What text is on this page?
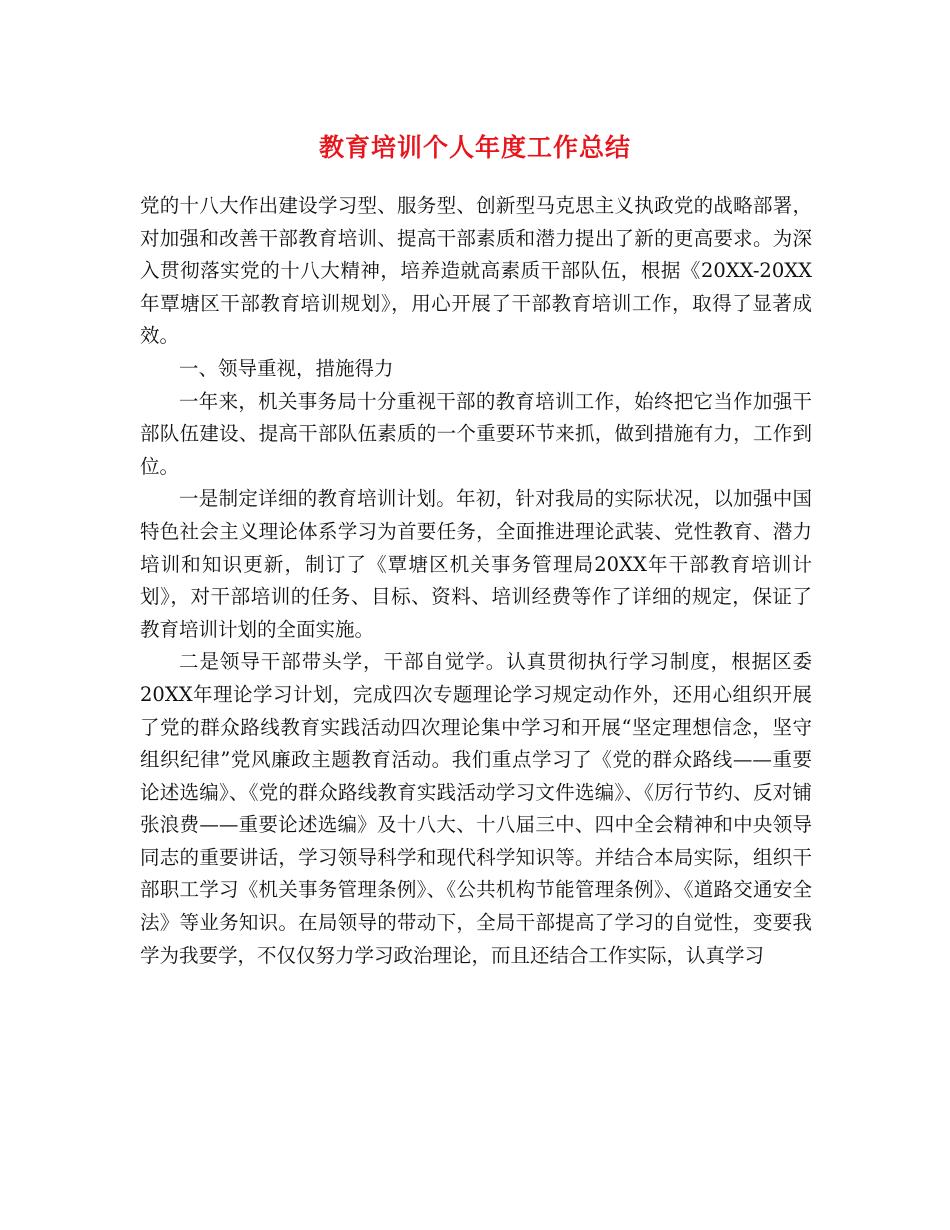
教育培训个人年度工作总结

党的十八大作出建设学习型、服务型、创新型马克思主义执政党的战略部署，对加强和改善干部教育培训、提高干部素质和潜力提出了新的更高要求。为深入贯彻落实党的十八大精神，培养造就高素质干部队伍，根据《20XX-20XX年覃塘区干部教育培训规划》，用心开展了干部教育培训工作，取得了显著成效。

一、领导重视，措施得力

一年来，机关事务局十分重视干部的教育培训工作，始终把它当作加强干部队伍建设、提高干部队伍素质的一个重要环节来抓，做到措施有力，工作到位。

一是制定详细的教育培训计划。年初，针对我局的实际状况，以加强中国特色社会主义理论体系学习为首要任务，全面推进理论武装、党性教育、潜力培训和知识更新，制订了《覃塘区机关事务管理局20XX年干部教育培训计划》，对干部培训的任务、目标、资料、培训经费等作了详细的规定，保证了教育培训计划的全面实施。

二是领导干部带头学，干部自觉学。认真贯彻执行学习制度，根据区委20XX年理论学习计划，完成四次专题理论学习规定动作外，还用心组织开展了党的群众路线教育实践活动四次理论集中学习和开展“坚定理想信念，坚守组织纪律”党风廉政主题教育活动。我们重点学习了《党的群众路线——重要论述选编》、《党的群众路线教育实践活动学习文件选编》、《厉行节约、反对铺张浪费——重要论述选编》及十八大、十八届三中、四中全会精神和中央领导同志的重要讲话，学习领导科学和现代科学知识等。并结合本局实际，组织干部职工学习《机关事务管理条例》、《公共机构节能管理条例》、《道路交通安全法》等业务知识。在局领导的带动下，全局干部提高了学习的自觉性，变要我学为我要学，不仅仅努力学习政治理论，而且还结合工作实际，认真学习
